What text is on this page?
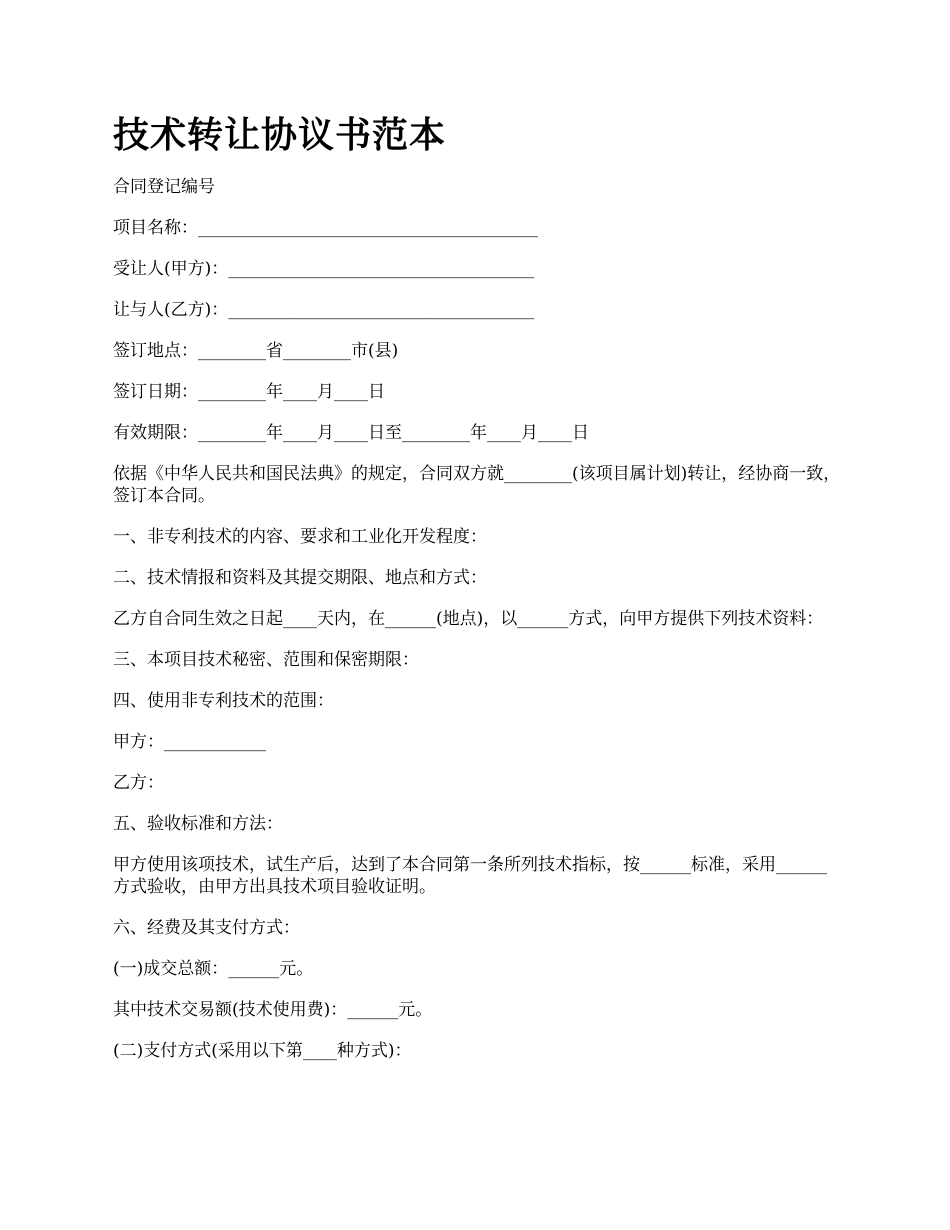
技术转让协议书范本

合同登记编号

项目名称：________________________________________

受让人(甲方)：____________________________________

让与人(乙方)：____________________________________

签订地点：________省________市(县)

签订日期：________年____月____日

有效期限：________年____月____日至________年____月____日

依据《中华人民共和国民法典》的规定，合同双方就________(该项目属计划)转让，经协商一致，签订本合同。

一、非专利技术的内容、要求和工业化开发程度：

二、技术情报和资料及其提交期限、地点和方式：

乙方自合同生效之日起____天内，在______(地点)，以______方式，向甲方提供下列技术资料：

三、本项目技术秘密、范围和保密期限：

四、使用非专利技术的范围：

甲方：____________

乙方：

五、验收标准和方法：

甲方使用该项技术，试生产后，达到了本合同第一条所列技术指标，按______标准，采用______方式验收，由甲方出具技术项目验收证明。

六、经费及其支付方式：

(一)成交总额：______元。

其中技术交易额(技术使用费)：______元。

(二)支付方式(采用以下第____种方式)：
